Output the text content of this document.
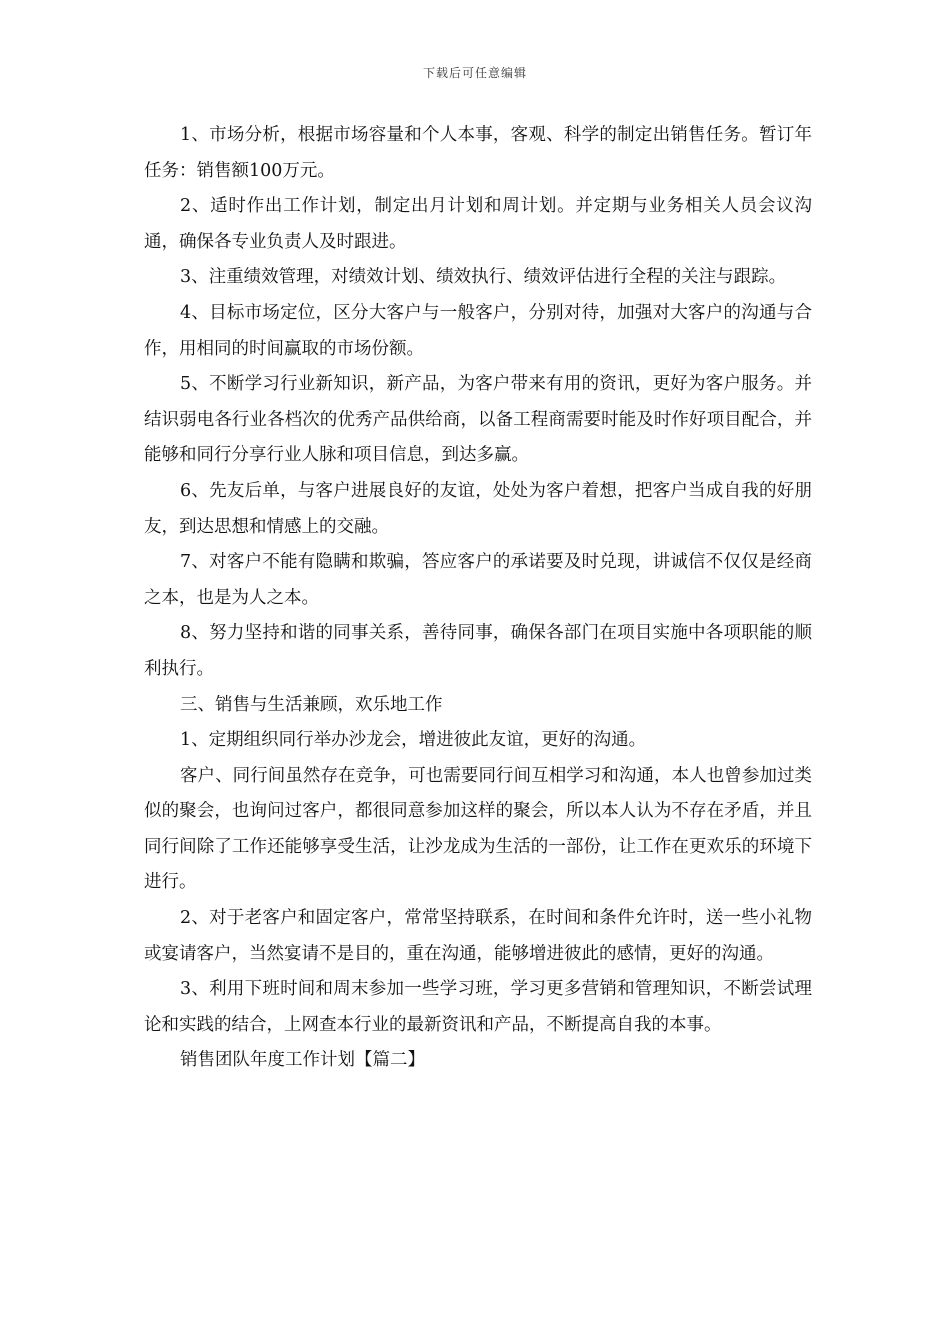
下载后可任意编辑

1、市场分析，根据市场容量和个人本事，客观、科学的制定出销售任务。暂订年任务：销售额100万元。

2、适时作出工作计划，制定出月计划和周计划。并定期与业务相关人员会议沟通，确保各专业负责人及时跟进。

3、注重绩效管理，对绩效计划、绩效执行、绩效评估进行全程的关注与跟踪。

4、目标市场定位，区分大客户与一般客户，分别对待，加强对大客户的沟通与合作，用相同的时间赢取的市场份额。

5、不断学习行业新知识，新产品，为客户带来有用的资讯，更好为客户服务。并结识弱电各行业各档次的优秀产品供给商，以备工程商需要时能及时作好项目配合，并能够和同行分享行业人脉和项目信息，到达多赢。

6、先友后单，与客户进展良好的友谊，处处为客户着想，把客户当成自我的好朋友，到达思想和情感上的交融。

7、对客户不能有隐瞒和欺骗，答应客户的承诺要及时兑现，讲诚信不仅仅是经商之本，也是为人之本。

8、努力坚持和谐的同事关系，善待同事，确保各部门在项目实施中各项职能的顺利执行。

三、销售与生活兼顾，欢乐地工作

1、定期组织同行举办沙龙会，增进彼此友谊，更好的沟通。

客户、同行间虽然存在竞争，可也需要同行间互相学习和沟通，本人也曾参加过类似的聚会，也询问过客户，都很同意参加这样的聚会，所以本人认为不存在矛盾，并且同行间除了工作还能够享受生活，让沙龙成为生活的一部份，让工作在更欢乐的环境下进行。

2、对于老客户和固定客户，常常坚持联系，在时间和条件允许时，送一些小礼物或宴请客户，当然宴请不是目的，重在沟通，能够增进彼此的感情，更好的沟通。

3、利用下班时间和周末参加一些学习班，学习更多营销和管理知识，不断尝试理论和实践的结合，上网查本行业的最新资讯和产品，不断提高自我的本事。

销售团队年度工作计划【篇二】
